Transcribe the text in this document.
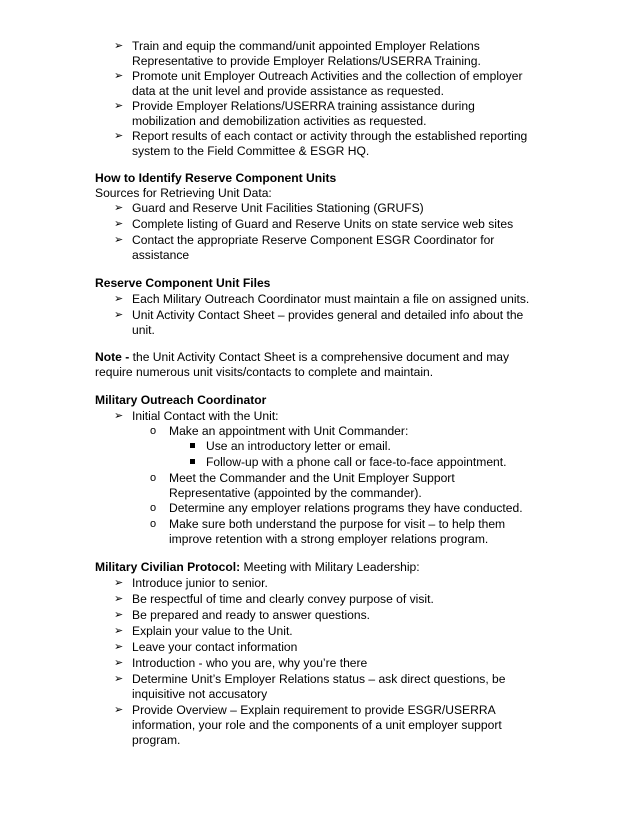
➢ Train and equip the command/unit appointed Employer Relations
Representative to provide Employer Relations/USERRA Training.
➢ Promote unit Employer Outreach Activities and the collection of employer
data at the unit level and provide assistance as requested.
➢ Provide Employer Relations/USERRA training assistance during
mobilization and demobilization activities as requested.
➢ Report results of each contact or activity through the established reporting
system to the Field Committee & ESGR HQ.
How to Identify Reserve Component Units
Sources for Retrieving Unit Data:
➢ Guard and Reserve Unit Facilities Stationing (GRUFS)
➢ Complete listing of Guard and Reserve Units on state service web sites
➢ Contact the appropriate Reserve Component ESGR Coordinator for
assistance
Reserve Component Unit Files
➢ Each Military Outreach Coordinator must maintain a file on assigned units.
➢ Unit Activity Contact Sheet – provides general and detailed info about the
unit.
Note - the Unit Activity Contact Sheet is a comprehensive document and may
require numerous unit visits/contacts to complete and maintain.
Military Outreach Coordinator
➢ Initial Contact with the Unit:
o Make an appointment with Unit Commander:
Use an introductory letter or email.
Follow-up with a phone call or face-to-face appointment.
o Meet the Commander and the Unit Employer Support
Representative (appointed by the commander).
o Determine any employer relations programs they have conducted.
o Make sure both understand the purpose for visit – to help them
improve retention with a strong employer relations program.
Military Civilian Protocol: Meeting with Military Leadership:
➢ Introduce junior to senior.
➢ Be respectful of time and clearly convey purpose of visit.
➢ Be prepared and ready to answer questions.
➢ Explain your value to the Unit.
➢ Leave your contact information
➢ Introduction - who you are, why you’re there
➢ Determine Unit’s Employer Relations status – ask direct questions, be
inquisitive not accusatory
➢ Provide Overview – Explain requirement to provide ESGR/USERRA
information, your role and the components of a unit employer support
program.
